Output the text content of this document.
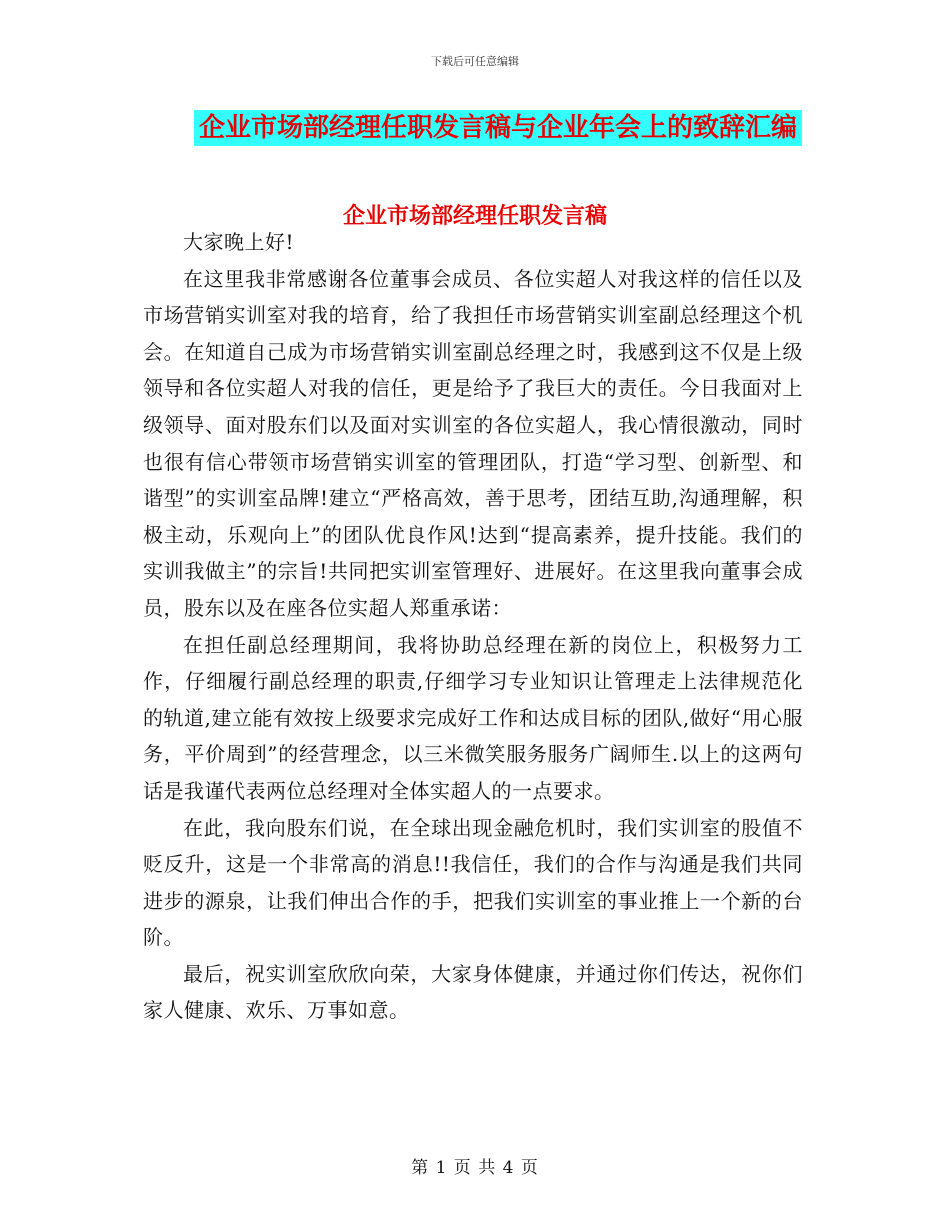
下载后可任意编辑
企业市场部经理任职发言稿与企业年会上的致辞汇编
企业市场部经理任职发言稿

大家晚上好!

在这里我非常感谢各位董事会成员、各位实超人对我这样的信任以及市场营销实训室对我的培育，给了我担任市场营销实训室副总经理这个机会。在知道自己成为市场营销实训室副总经理之时，我感到这不仅是上级领导和各位实超人对我的信任，更是给予了我巨大的责任。今日我面对上级领导、面对股东们以及面对实训室的各位实超人，我心情很激动，同时也很有信心带领市场营销实训室的管理团队，打造“学习型、创新型、和谐型”的实训室品牌!建立“严格高效，善于思考，团结互助,沟通理解，积极主动，乐观向上”的团队优良作风!达到“提高素养，提升技能。我们的实训我做主”的宗旨!共同把实训室管理好、进展好。在这里我向董事会成员，股东以及在座各位实超人郑重承诺：

在担任副总经理期间，我将协助总经理在新的岗位上，积极努力工作，仔细履行副总经理的职责,仔细学习专业知识让管理走上法律规范化的轨道,建立能有效按上级要求完成好工作和达成目标的团队,做好“用心服务，平价周到”的经营理念，以三米微笑服务服务广阔师生.以上的这两句话是我谨代表两位总经理对全体实超人的一点要求。

在此，我向股东们说，在全球出现金融危机时，我们实训室的股值不贬反升，这是一个非常高的消息!!我信任，我们的合作与沟通是我们共同进步的源泉，让我们伸出合作的手，把我们实训室的事业推上一个新的台阶。

最后，祝实训室欣欣向荣，大家身体健康，并通过你们传达，祝你们家人健康、欢乐、万事如意。

第 1 页 共 4 页
